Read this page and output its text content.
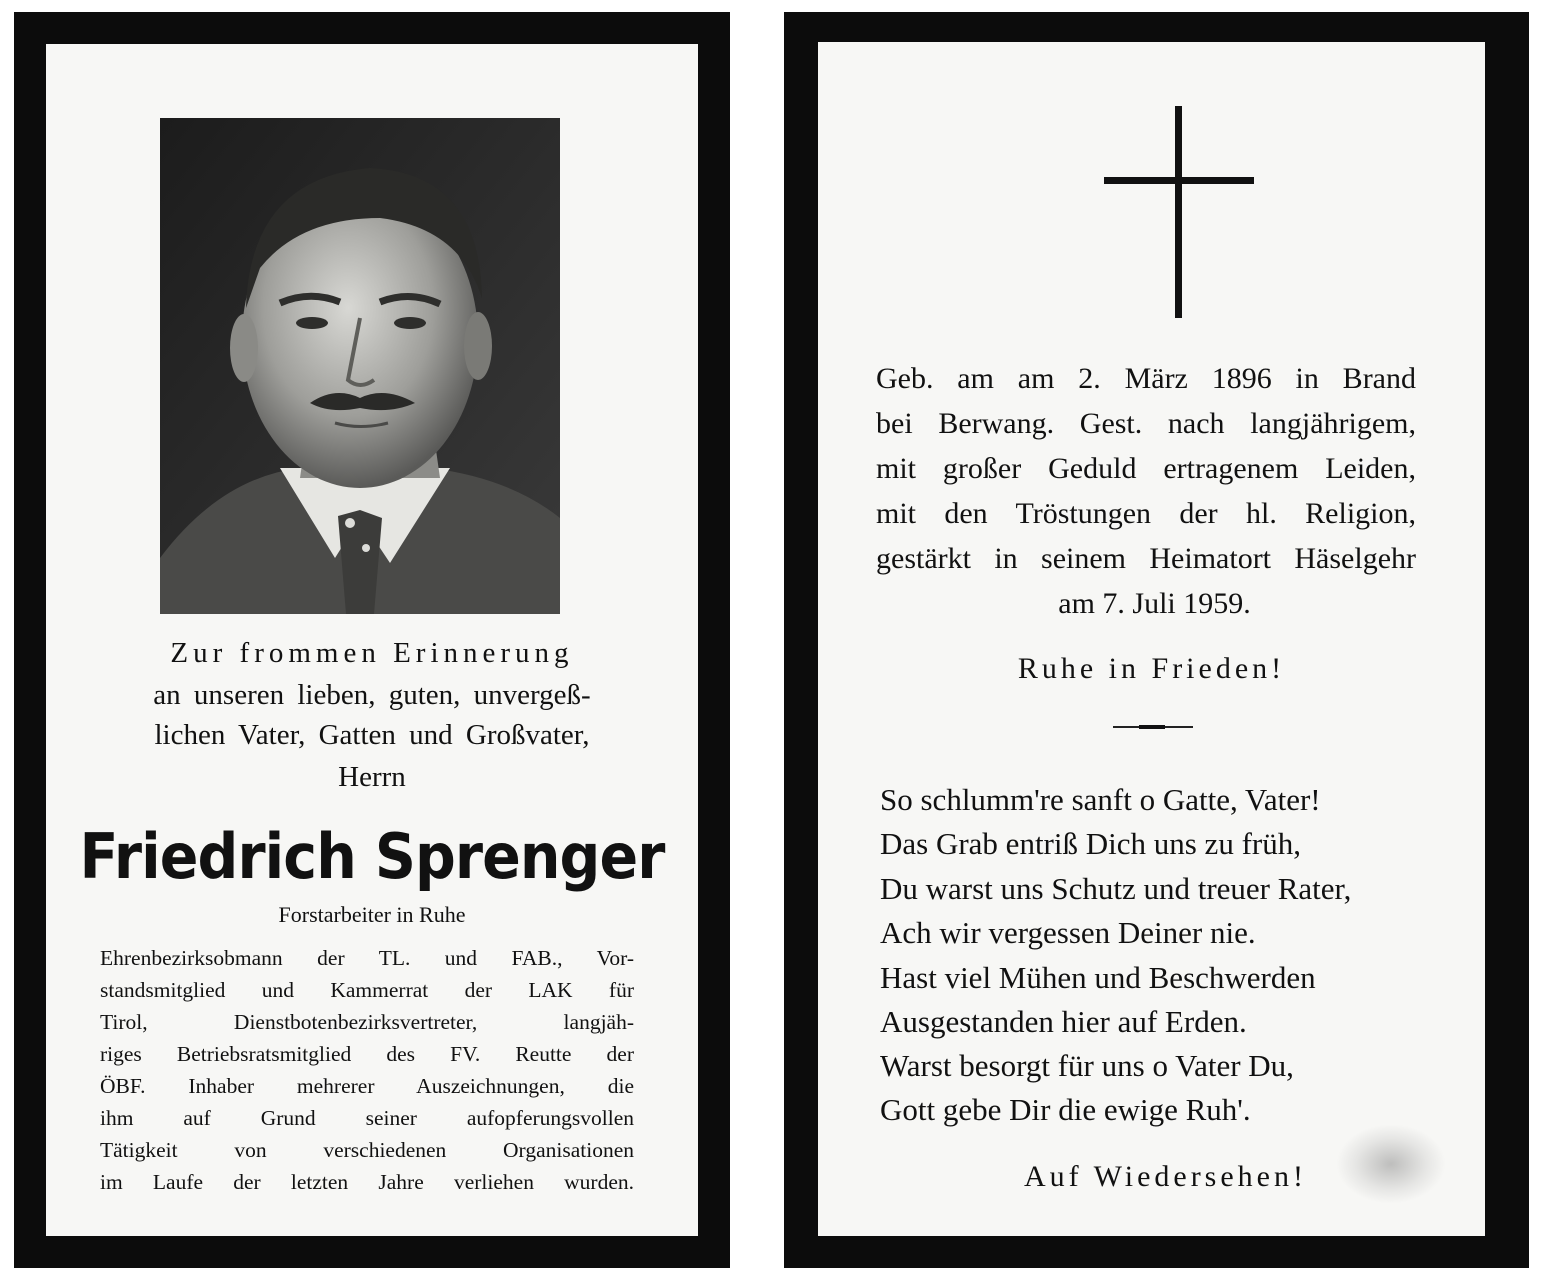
Zur frommen Erinnerung
an unseren lieben, guten, unvergeß-
lichen Vater, Gatten und Großvater,
Herrn
Friedrich Sprenger
Forstarbeiter in Ruhe
Ehrenbezirksobmann der TL. und FAB., Vor-
standsmitglied und Kammerrat der LAK für
Tirol, Dienstbotenbezirksvertreter, langjäh-
riges Betriebsratsmitglied des FV. Reutte der
ÖBF. Inhaber mehrerer Auszeichnungen, die
ihm auf Grund seiner aufopferungsvollen
Tätigkeit von verschiedenen Organisationen
im Laufe der letzten Jahre verliehen wurden.
Geb. am am 2. März 1896 in Brand
bei Berwang. Gest. nach langjährigem,
mit großer Geduld ertragenem Leiden,
mit den Tröstungen der hl. Religion,
gestärkt in seinem Heimatort Häselgehr
am 7. Juli 1959.
Ruhe in Frieden!
So schlumm're sanft o Gatte, Vater!
Das Grab entriß Dich uns zu früh,
Du warst uns Schutz und treuer Rater,
Ach wir vergessen Deiner nie.
Hast viel Mühen und Beschwerden
Ausgestanden hier auf Erden.
Warst besorgt für uns o Vater Du,
Gott gebe Dir die ewige Ruh'.
Auf Wiedersehen!
